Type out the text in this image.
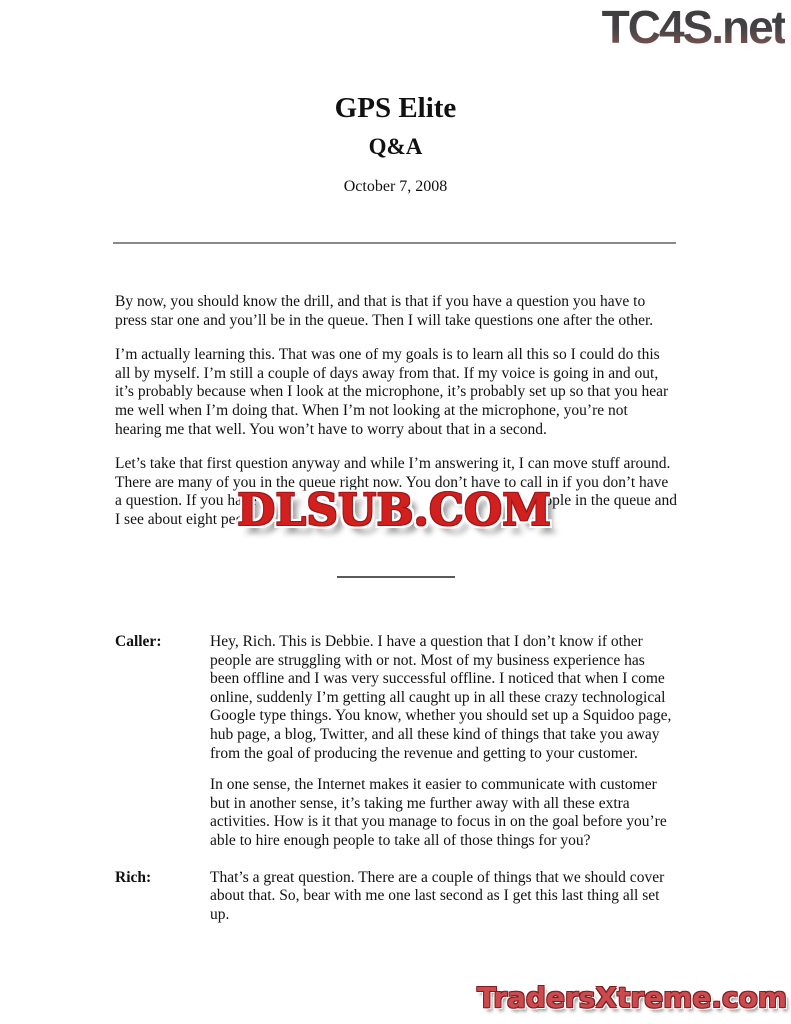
TC4S.net
GPS Elite
Q&A
October 7, 2008

By now, you should know the drill, and that is that if you have a question you have to press star one and you’ll be in the queue. Then I will take questions one after the other.

I’m actually learning this. That was one of my goals is to learn all this so I could do this all by myself. I’m still a couple of days away from that. If my voice is going in and out, it’s probably because when I look at the microphone, it’s probably set up so that you hear me well when I’m doing that. When I’m not looking at the microphone, you’re not hearing me that well. You won’t have to worry about that in a second.

Let’s take that first question anyway and while I’m answering it, I can move stuff around.
There are many of you in the queue right now. You don’t have to call in if you don’t have
a question. If you have	ople in the queue and
I see about eight peopl
DLSUB.COM
Caller:	Hey, Rich. This is Debbie. I have a question that I don’t know if other people are struggling with or not. Most of my business experience has been offline and I was very successful offline. I noticed that when I come online, suddenly I’m getting all caught up in all these crazy technological Google type things. You know, whether you should set up a Squidoo page, hub page, a blog, Twitter, and all these kind of things that take you away from the goal of producing the revenue and getting to your customer.

In one sense, the Internet makes it easier to communicate with customer but in another sense, it’s taking me further away with all these extra activities. How is it that you manage to focus in on the goal before you’re able to hire enough people to take all of those things for you?

Rich:	That’s a great question. There are a couple of things that we should cover about that. So, bear with me one last second as I get this last thing all set up.

TradersXtreme.com
